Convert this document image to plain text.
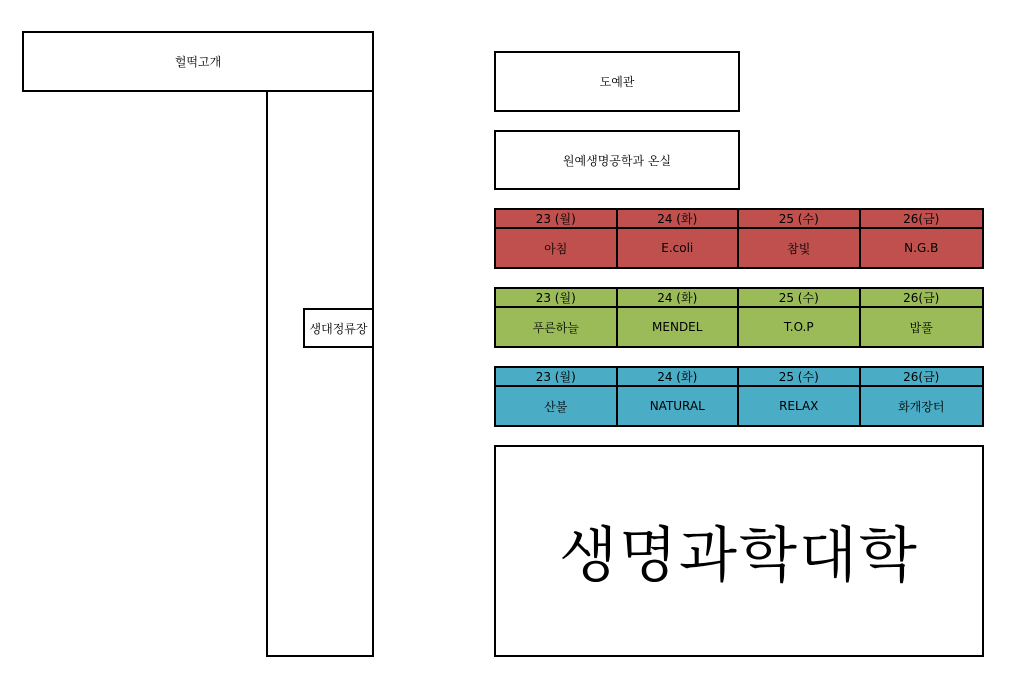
헐떡고개
생대정류장
도예관
원예생명공학과 온실
23 (월)	24 (화)	25 (수)	26(금)
아침	E.coli	참빛	N.G.B
23 (월)	24 (화)	25 (수)	26(금)
푸른하늘	MENDEL	T.O.P	밥풀
23 (월)	24 (화)	25 (수)	26(금)
산불	NATURAL	RELAX	화개장터
생명과학대학
